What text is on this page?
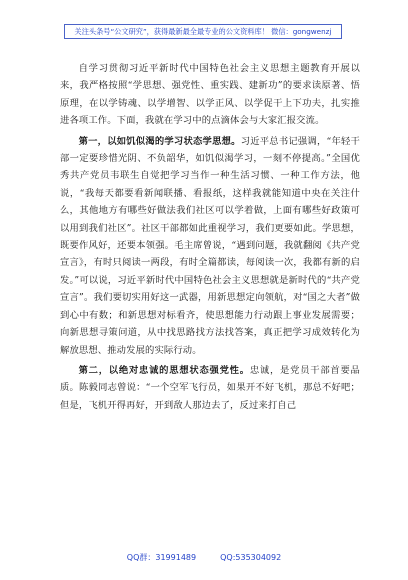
关注头条号“公文研究”，获得最新最全最专业的公文资料库！ 微信：gongwenzj

自学习贯彻习近平新时代中国特色社会主义思想主题教育开展以来，我严格按照“学思想、强党性、重实践、建新功”的要求读原著、悟原理，在以学铸魂、以学增智、以学正风、以学促干上下功夫，扎实推进各项工作。下面，我就在学习中的点滴体会与大家汇报交流。

第一，以如饥似渴的学习状态学思想。习近平总书记强调，“年轻干部一定要珍惜光阴、不负韶华，如饥似渴学习，一刻不停提高。”全国优秀共产党员韦联生自觉把学习当作一种生活习惯、一种工作方法，他说，“我每天都要看新闻联播、看报纸，这样我就能知道中央在关注什么，其他地方有哪些好做法我们社区可以学着做，上面有哪些好政策可以用到我们社区”。社区干部都如此重视学习，我们更要如此。学思想，既要作风好，还要本领强。毛主席曾说，“遇到问题，我就翻阅《共产党宣言》，有时只阅读一两段，有时全篇都读，每阅读一次，我都有新的启发。”可以说，习近平新时代中国特色社会主义思想就是新时代的“共产党宣言”。我们要切实用好这一武器，用新思想定向领航，对“国之大者”做到心中有数；和新思想对标看齐，使思想能力行动跟上事业发展需要；向新思想寻策问道，从中找思路找方法找答案，真正把学习成效转化为解放思想、推动发展的实际行动。

第二，以绝对忠诚的思想状态强党性。忠诚，是党员干部首要品质。陈毅同志曾说：“一个空军飞行员，如果开不好飞机，那总不好吧；但是，飞机开得再好，开到敌人那边去了，反过来打自己

QQ群：31991489	QQ:535304092
